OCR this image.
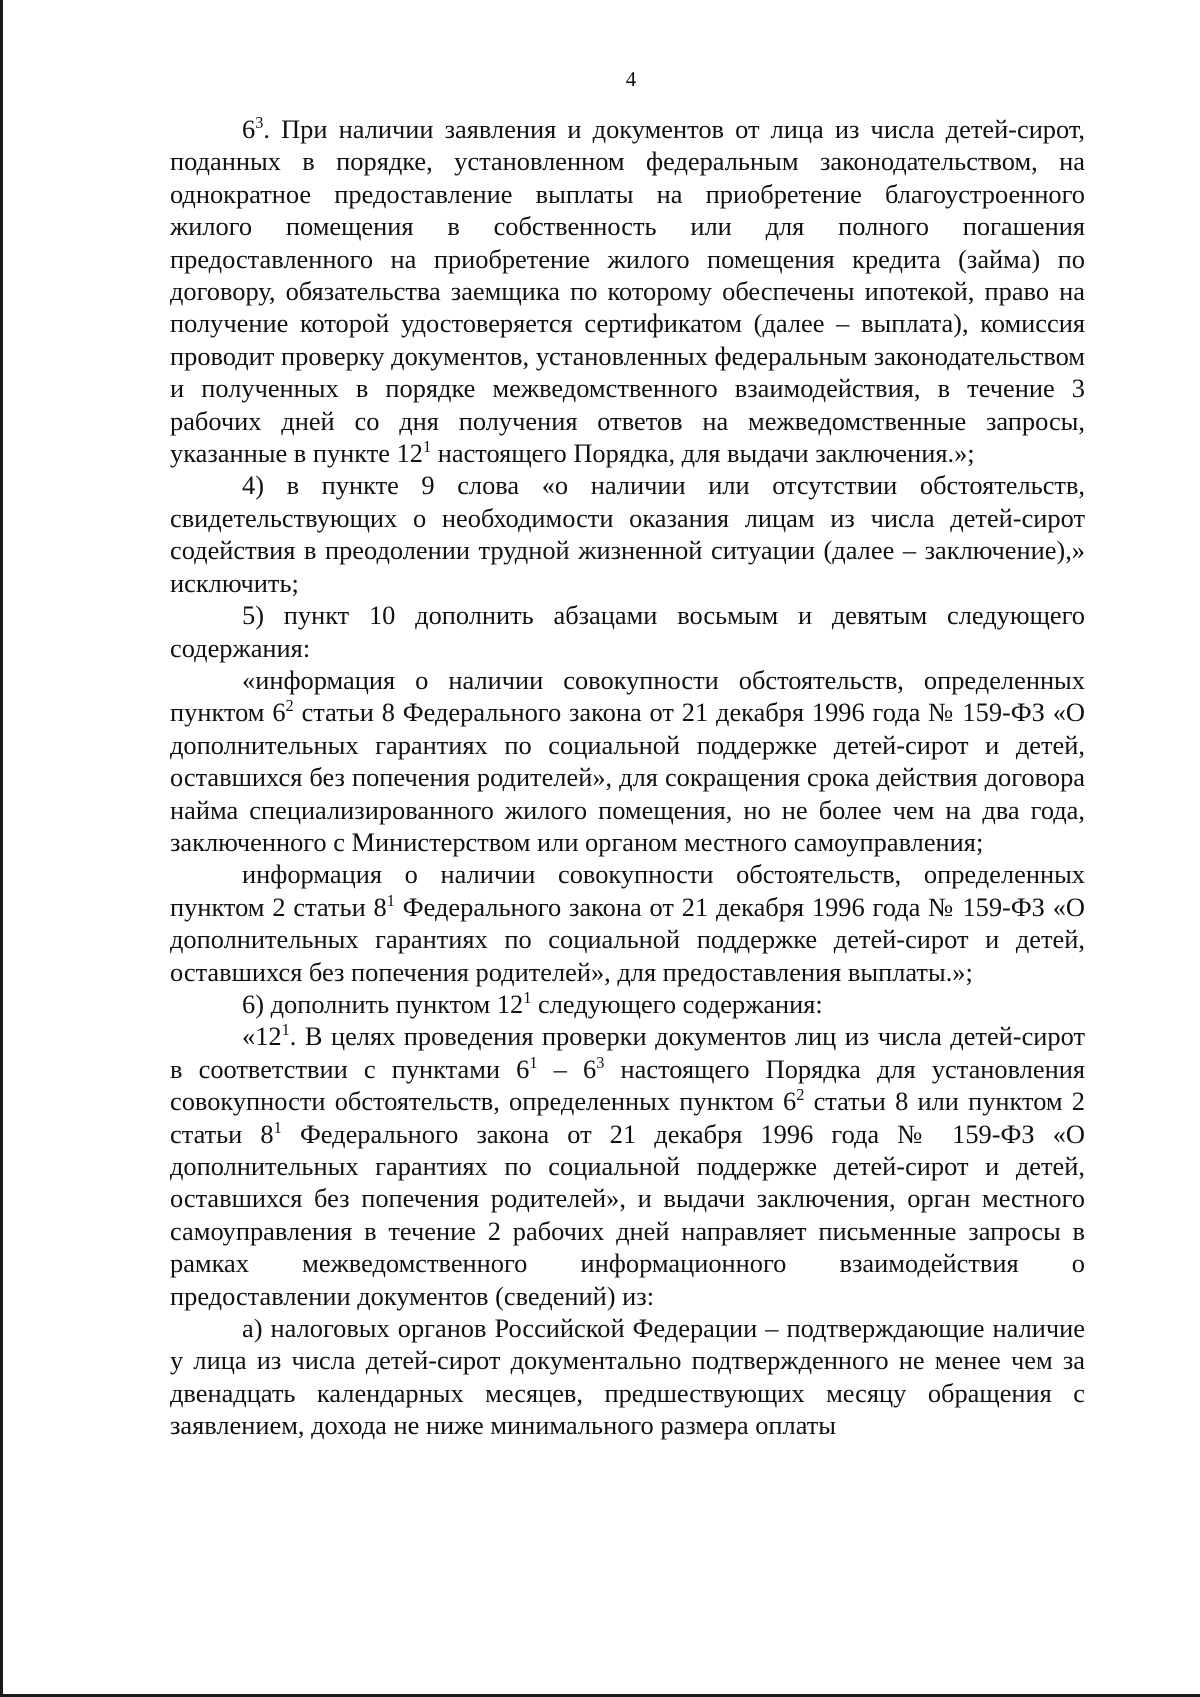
4

$6^3$. При наличии заявления и документов от лица из числа детей-сирот, поданных в порядке, установленном федеральным законодательством, на однократное предоставление выплаты на приобретение благоустроенного жилого помещения в собственность или для полного погашения предоставленного на приобретение жилого помещения кредита (займа) по договору, обязательства заемщика по которому обеспечены ипотекой, право на получение которой удостоверяется сертификатом (далее – выплата), комиссия проводит проверку документов, установленных федеральным законодательством и полученных в порядке межведомственного взаимодействия, в течение 3 рабочих дней со дня получения ответов на межведомственные запросы, указанные в пункте $12^1$ настоящего Порядка, для выдачи заключения.»;

4) в пункте 9 слова «о наличии или отсутствии обстоятельств, свидетельствующих о необходимости оказания лицам из числа детей-сирот содействия в преодолении трудной жизненной ситуации (далее – заключение),» исключить;

5) пункт 10 дополнить абзацами восьмым и девятым следующего содержания:

«информация о наличии совокупности обстоятельств, определенных пунктом $6^2$ статьи 8 Федерального закона от 21 декабря 1996 года № 159-ФЗ «О дополнительных гарантиях по социальной поддержке детей-сирот и детей, оставшихся без попечения родителей», для сокращения срока действия договора найма специализированного жилого помещения, но не более чем на два года, заключенного с Министерством или органом местного самоуправления;

информация о наличии совокупности обстоятельств, определенных пунктом 2 статьи $8^1$ Федерального закона от 21 декабря 1996 года № 159-ФЗ «О дополнительных гарантиях по социальной поддержке детей-сирот и детей, оставшихся без попечения родителей», для предоставления выплаты.»;

6) дополнить пунктом $12^1$ следующего содержания:

«$12^1$. В целях проведения проверки документов лиц из числа детей-сирот в соответствии с пунктами $6^1 - 6^3$ настоящего Порядка для установления совокупности обстоятельств, определенных пунктом $6^2$ статьи 8 или пунктом 2 статьи $8^1$ Федерального закона от 21 декабря 1996 года № 159-ФЗ «О дополнительных гарантиях по социальной поддержке детей-сирот и детей, оставшихся без попечения родителей», и выдачи заключения, орган местного самоуправления в течение 2 рабочих дней направляет письменные запросы в рамках межведомственного информационного взаимодействия о предоставлении документов (сведений) из:

а) налоговых органов Российской Федерации – подтверждающие наличие у лица из числа детей-сирот документально подтвержденного не менее чем за двенадцать календарных месяцев, предшествующих месяцу обращения с заявлением, дохода не ниже минимального размера оплаты
